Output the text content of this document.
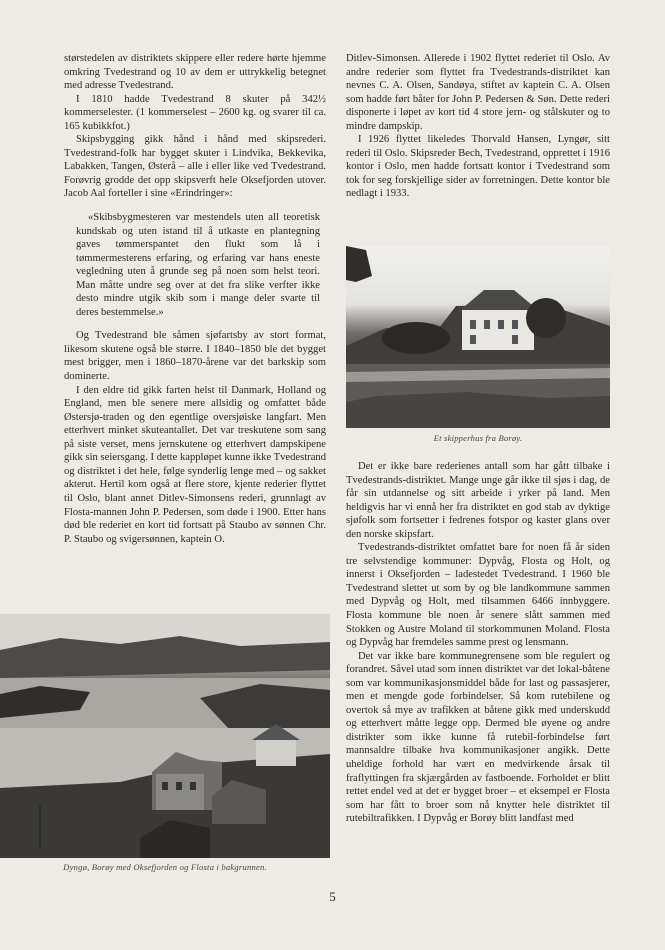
størstedelen av distriktets skippere eller redere hørte hjemme omkring Tvedestrand og 10 av dem er uttrykkelig betegnet med adresse Tvedestrand.

I 1810 hadde Tvedestrand 8 skuter på 342½ kommerselester. (1 kommerselest – 2600 kg. og svarer til ca. 165 kubikkfot.)

Skipsbygging gikk hånd i hånd med skipsrederi. Tvedestrand-folk har bygget skuter i Lindvika, Bekkevika, Labakken, Tangen, Østerå – alle i eller like ved Tvedestrand. Forøvrig grodde det opp skipsverft hele Oksefjorden utover. Jacob Aal forteller i sine «Erindringer»:

«Skibsbygmesteren var mestendels uten all teoretisk kundskab og uten istand til å utkaste en plantegning gaves tømmerspantet den flukt som lå i tømmermesterens erfaring, og erfaring var hans eneste vegledning uten å grunde seg på noen som helst teori. Man måtte undre seg over at det fra slike verfter ikke desto mindre utgik skib som i mange deler svarte til deres bestemmelse.»

Og Tvedestrand ble såmen sjøfartsby av stort format, likesom skutene også ble større. I 1840–1850 ble det bygget mest brigger, men i 1860–1870-årene var det barkskip som dominerte.

I den eldre tid gikk farten helst til Danmark, Holland og England, men ble senere mere allsidig og omfattet både Østersjø-traden og den egentlige oversjøiske langfart. Men etterhvert minket skuteantallet. Det var treskutene som sang på siste verset, mens jernskutene og etterhvert dampskipene gikk sin seiersgang. I dette kappløpet kunne ikke Tvedestrand og distriktet i det hele, følge synderlig lenge med – og sakket akterut. Hertil kom også at flere store, kjente rederier flyttet til Oslo, blant annet Ditlev-Simonsens rederi, grunnlagt av Flosta-mannen John P. Pedersen, som døde i 1900. Etter hans død ble rederiet en kort tid fortsatt på Staubo av sønnen Chr. P. Staubo og svigersønnen, kaptein O.

Ditlev-Simonsen. Allerede i 1902 flyttet rederiet til Oslo. Av andre rederier som flyttet fra Tvedestrands-distriktet kan nevnes C. A. Olsen, Sandøya, stiftet av kaptein C. A. Olsen som hadde ført båter for John P. Pedersen & Søn. Dette rederi disponerte i løpet av kort tid 4 store jern- og stålskuter og to mindre dampskip.

I 1926 flyttet likeledes Thorvald Hansen, Lyngør, sitt rederi til Oslo. Skipsreder Bech, Tvedestrand, opprettet i 1916 kontor i Oslo, men hadde fortsatt kontor i Tvedestrand som tok for seg forskjellige sider av forretningen. Dette kontor ble nedlagt i 1933.

Et skipperhus fra Borøy.

Det er ikke bare rederienes antall som har gått tilbake i Tvedestrands-distriktet. Mange unge går ikke til sjøs i dag, de får sin utdannelse og sitt arbeide i yrker på land. Men heldigvis har vi ennå her fra distriktet en god stab av dyktige sjøfolk som fortsetter i fedrenes fotspor og kaster glans over den norske skipsfart.

Tvedestrands-distriktet omfattet bare for noen få år siden tre selvstendige kommuner: Dypvåg, Flosta og Holt, og innerst i Oksefjorden – ladestedet Tvedestrand. I 1960 ble Tvedestrand slettet ut som by og ble landkommune sammen med Dypvåg og Holt, med tilsammen 6466 innbyggere. Flosta kommune ble noen år senere slått sammen med Stokken og Austre Moland til storkommunen Moland. Flosta og Dypvåg har fremdeles samme prest og lensmann.

Det var ikke bare kommunegrensene som ble regulert og forandret. Såvel utad som innen distriktet var det lokal-båtene som var kommunikasjonsmiddel både for last og passasjerer, men et mengde gode forbindelser. Så kom rutebilene og overtok så mye av trafikken at båtene gikk med underskudd og etterhvert måtte legge opp. Dermed ble øyene og andre distrikter som ikke kunne få rutebil-forbindelse ført mannsaldre tilbake hva kommunikasjoner angikk. Dette uheldige forhold har vært en medvirkende årsak til fraflyttingen fra skjærgården av fastboende. Forholdet er blitt rettet endel ved at det er bygget broer – et eksempel er Flosta som har fått to broer som nå knytter hele distriktet til rutebiltrafikken. I Dypvåg er Borøy blitt landfast med

Dyngø, Borøy med Oksefjorden og Flosta i bakgrunnen.
5
